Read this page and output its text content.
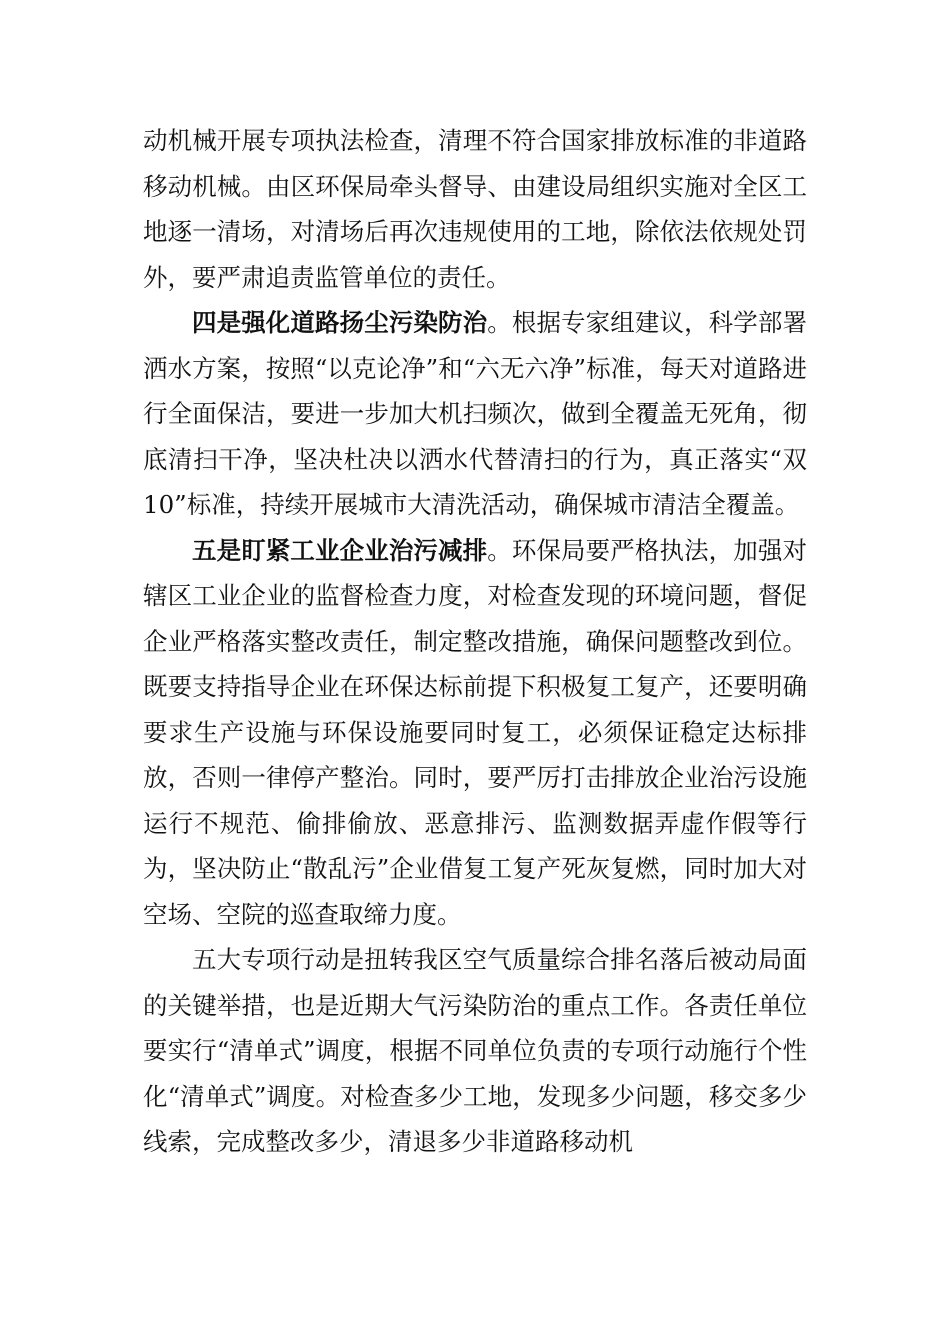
动机械开展专项执法检查，清理不符合国家排放标准的非道路移动机械。由区环保局牵头督导、由建设局组织实施对全区工地逐一清场，对清场后再次违规使用的工地，除依法依规处罚外，要严肃追责监管单位的责任。

四是强化道路扬尘污染防治。根据专家组建议，科学部署洒水方案，按照“以克论净”和“六无六净”标准，每天对道路进行全面保洁，要进一步加大机扫频次，做到全覆盖无死角，彻底清扫干净，坚决杜决以洒水代替清扫的行为，真正落实“双 10”标准，持续开展城市大清洗活动，确保城市清洁全覆盖。

五是盯紧工业企业治污减排。环保局要严格执法，加强对辖区工业企业的监督检查力度，对检查发现的环境问题，督促企业严格落实整改责任，制定整改措施，确保问题整改到位。既要支持指导企业在环保达标前提下积极复工复产，还要明确要求生产设施与环保设施要同时复工，必须保证稳定达标排放，否则一律停产整治。同时，要严厉打击排放企业治污设施运行不规范、偷排偷放、恶意排污、监测数据弄虚作假等行为，坚决防止“散乱污”企业借复工复产死灰复燃，同时加大对空场、空院的巡查取缔力度。

五大专项行动是扭转我区空气质量综合排名落后被动局面的关键举措，也是近期大气污染防治的重点工作。各责任单位要实行“清单式”调度，根据不同单位负责的专项行动施行个性化“清单式”调度。对检查多少工地，发现多少问题，移交多少线索，完成整改多少，清退多少非道路移动机
